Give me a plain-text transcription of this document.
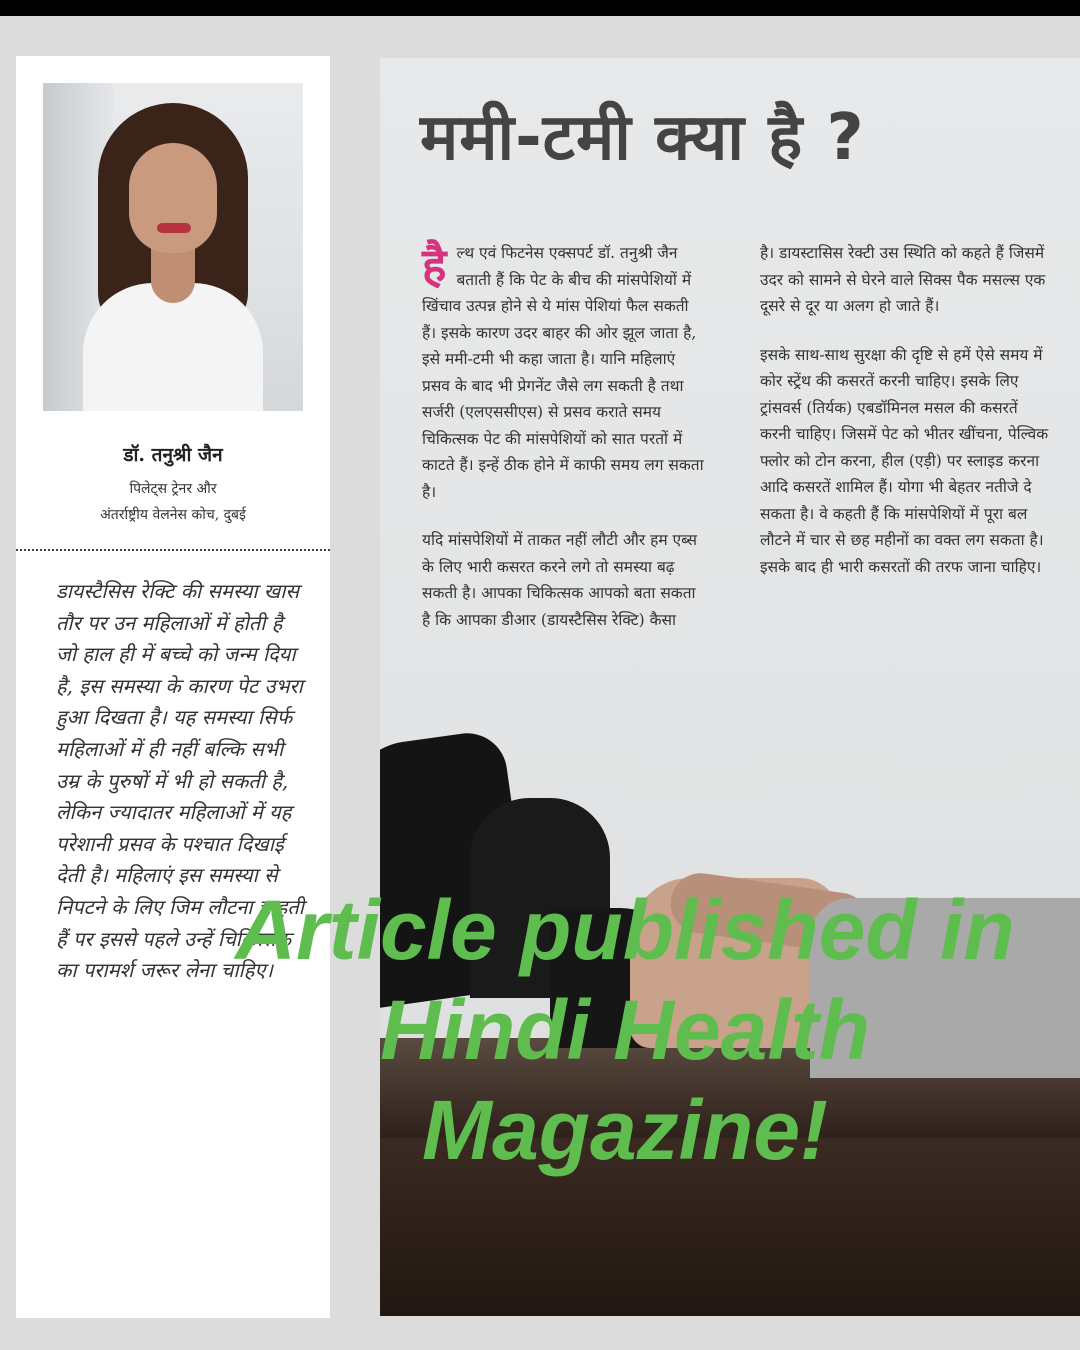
डॉ. तनुश्री जैन
पिलेट्स ट्रेनर और
अंतर्राष्ट्रीय वेलनेस कोच, दुबई
डायस्टैसिस रेक्टि की समस्या खास तौर पर उन महिलाओं में होती है जो हाल ही में बच्चे को जन्म दिया है, इस समस्या के कारण पेट उभरा हुआ दिखता है। यह समस्या सिर्फ महिलाओं में ही नहीं बल्कि सभी उम्र के पुरुषों में भी हो सकती है, लेकिन ज्यादातर महिलाओं में यह परेशानी प्रसव के पश्चात दिखाई देती है। महिलाएं इस समस्या से निपटने के लिए जिम लौटना चाहती हैं पर इससे पहले उन्हें चिकित्सक का परामर्श जरूर लेना चाहिए।
ममी-टमी क्या है ?

हैल्थ एवं फिटनेस एक्सपर्ट डॉ. तनुश्री जैन बताती हैं कि पेट के बीच की मांसपेशियों में खिंचाव उत्पन्न होने से ये मांस पेशियां फैल सकती हैं। इसके कारण उदर बाहर की ओर झूल जाता है, इसे ममी-टमी भी कहा जाता है। यानि महिलाएं प्रसव के बाद भी प्रेगनेंट जैसे लग सकती है तथा सर्जरी (एलएससीएस) से प्रसव कराते समय चिकित्सक पेट की मांसपेशियों को सात परतों में काटते हैं। इन्हें ठीक होने में काफी समय लग सकता है।

यदि मांसपेशियों में ताकत नहीं लौटी और हम एब्स के लिए भारी कसरत करने लगे तो समस्या बढ़ सकती है। आपका चिकित्सक आपको बता सकता है कि आपका डीआर (डायस्टैसिस रेक्टि) कैसा

है। डायस्टासिस रेक्टी उस स्थिति को कहते हैं जिसमें उदर को सामने से घेरने वाले सिक्स पैक मसल्स एक दूसरे से दूर या अलग हो जाते हैं।

इसके साथ-साथ सुरक्षा की दृष्टि से हमें ऐसे समय में कोर स्ट्रेंथ की कसरतें करनी चाहिए। इसके लिए ट्रांसवर्स (तिर्यक) एबडॉमिनल मसल की कसरतें करनी चाहिए। जिसमें पेट को भीतर खींचना, पेल्विक फ्लोर को टोन करना, हील (एड़ी) पर स्लाइड करना आदि कसरतें शामिल हैं। योगा भी बेहतर नतीजे दे सकता है। वे कहती हैं कि मांसपेशियों में पूरा बल लौटने में चार से छह महीनों का वक्त लग सकता है। इसके बाद ही भारी कसरतों की तरफ जाना चाहिए।

Article published in
Hindi Health
Magazine!
